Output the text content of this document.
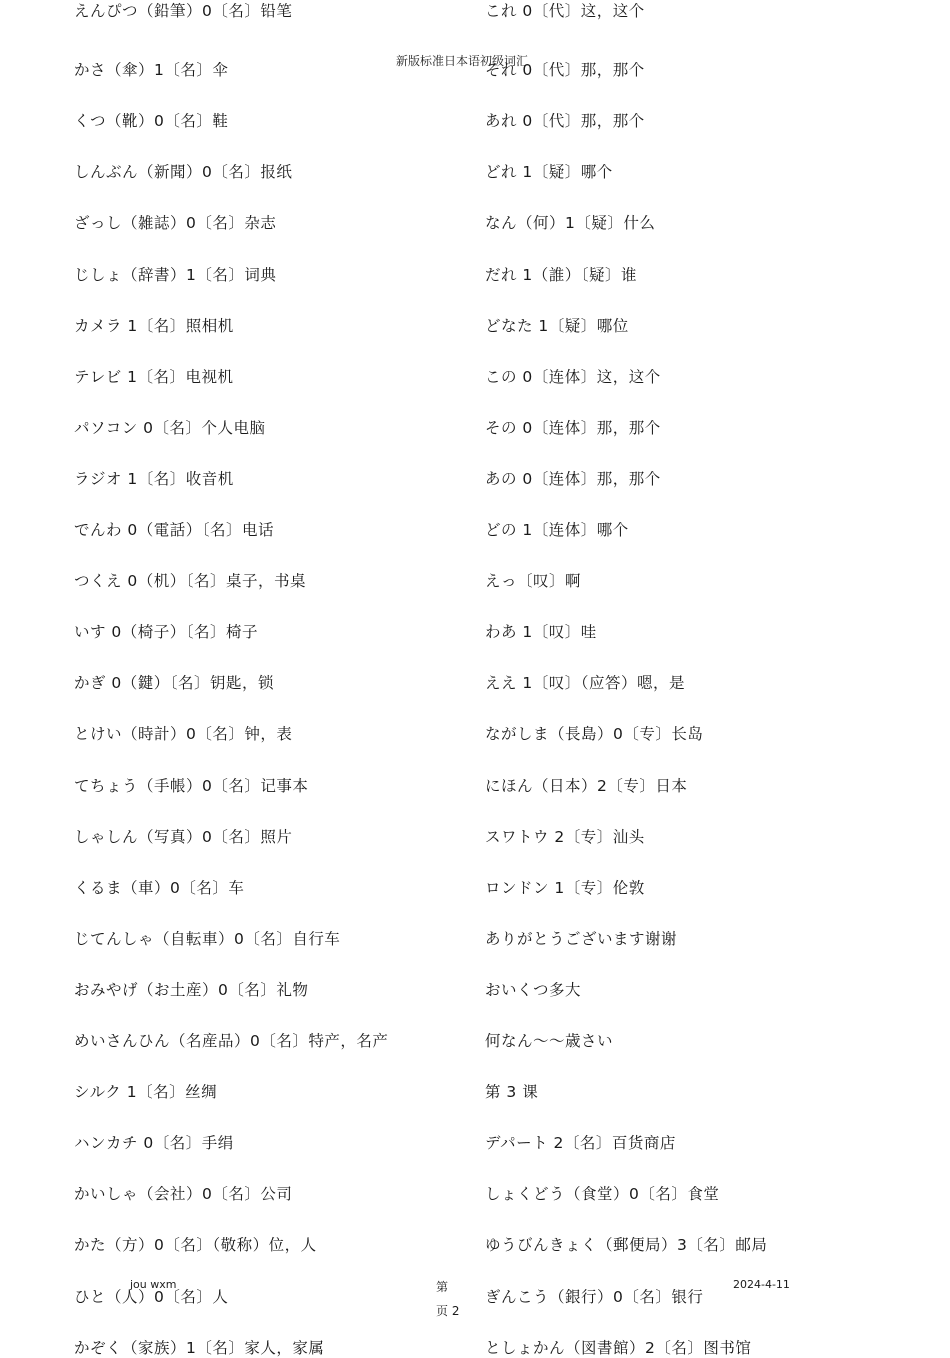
新版标准日本语初级词汇
えんぴつ（鉛筆）0〔名〕铅笔
かさ（傘）1〔名〕伞
くつ（靴）0〔名〕鞋
しんぶん（新聞）0〔名〕报纸
ざっし（雑誌）0〔名〕杂志
じしょ（辞書）1〔名〕词典
カメラ 1〔名〕照相机
テレビ 1〔名〕电视机
パソコン 0〔名〕个人电脑
ラジオ 1〔名〕收音机
でんわ 0（電話）〔名〕电话
つくえ 0（机）〔名〕桌子，书桌
いす 0（椅子）〔名〕椅子
かぎ 0（鍵）〔名〕钥匙，锁
とけい（時計）0〔名〕钟，表
てちょう（手帳）0〔名〕记事本
しゃしん（写真）0〔名〕照片
くるま（車）0〔名〕车
じてんしゃ（自転車）0〔名〕自行车
おみやげ（お土産）0〔名〕礼物
めいさんひん（名産品）0〔名〕特产，名产
シルク 1〔名〕丝绸
ハンカチ 0〔名〕手绢
かいしゃ（会社）0〔名〕公司
かた（方）0〔名〕（敬称）位，人
ひと（人）0〔名〕人
かぞく（家族）1〔名〕家人，家属
これ 0〔代〕这，这个
それ 0〔代〕那，那个
あれ 0〔代〕那，那个
どれ 1〔疑〕哪个
なん（何）1〔疑〕什么
だれ 1（誰）〔疑〕谁
どなた 1〔疑〕哪位
この 0〔连体〕这，这个
その 0〔连体〕那，那个
あの 0〔连体〕那，那个
どの 1〔连体〕哪个
えっ〔叹〕啊
わあ 1〔叹〕哇
ええ 1〔叹〕（应答）嗯，是
ながしま（長島）0〔专〕长岛
にほん（日本）2〔专〕日本
スワトウ 2〔专〕汕头
ロンドン 1〔专〕伦敦
ありがとうございます谢谢
おいくつ多大
何なん〜〜歳さい
第 3 课
デパート 2〔名〕百货商店
しょくどう（食堂）0〔名〕食堂
ゆうびんきょく（郵便局）3〔名〕邮局
ぎんこう（銀行）0〔名〕银行
としょかん（図書館）2〔名〕图书馆
jou wxm	第
页 2
2024-4-11
